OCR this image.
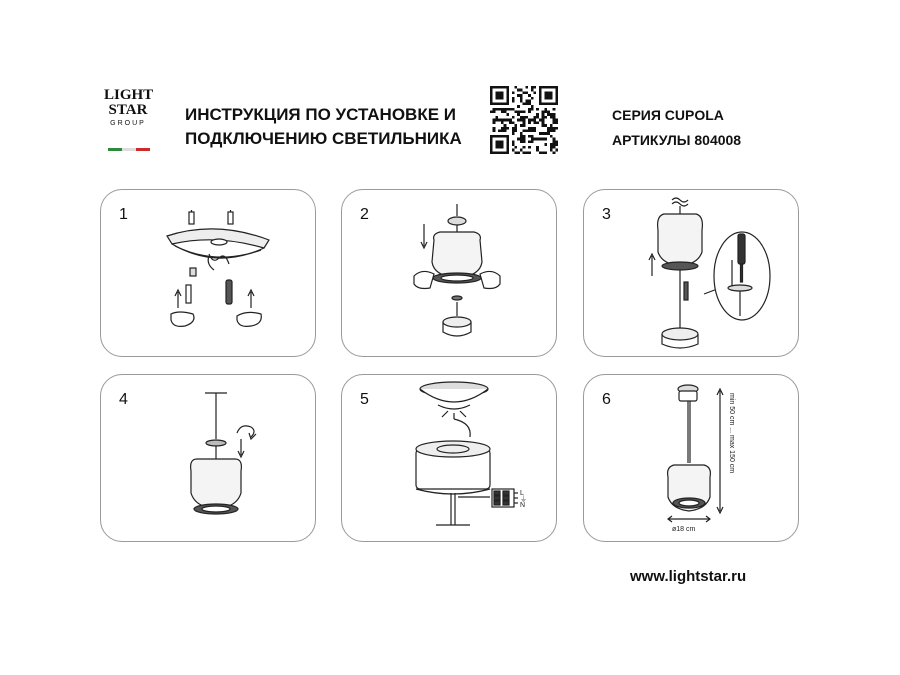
LIGHT
STAR
GROUP	ИНСТРУКЦИЯ ПО УСТАНОВКЕ И
ПОДКЛЮЧЕНИЮ СВЕТИЛЬНИКА
СЕРИЯ CUPOLA
АРТИКУЛЫ 804008
1	2	3
4	5
L
⏚
N
6
ø18 cm
min 50 cm ... max 150 cm
www.lightstar.ru
